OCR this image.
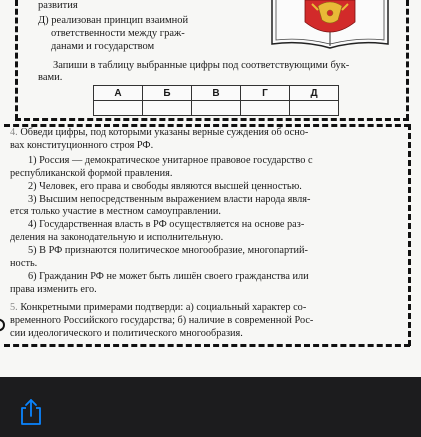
развития
Д) реализован принцип взаимной
ответственности между граж-
данами и государством
Запиши в таблицу выбранные цифры под соответствующими бук-
вами.
А	Б	В	Г	Д

4. Обведи цифры, под которыми указаны верные суждения об осно-

вах конституционного строя РФ.

1) Россия — демократическое унитарное правовое государство с

республиканской формой правления.

2) Человек, его права и свободы являются высшей ценностью.

3) Высшим непосредственным выражением власти народа явля-

ется только участие в местном самоуправлении.

4) Государственная власть в РФ осуществляется на основе раз-

деления на законодательную и исполнительную.

5) В РФ признаются политическое многообразие, многопартий-

ность.

6) Гражданин РФ не может быть лишён своего гражданства или

права изменить его.

5. Конкретными примерами подтверди: а) социальный характер со-

временного Российского государства; б) наличие в современной Рос-

сии идеологического и политического многообразия.
